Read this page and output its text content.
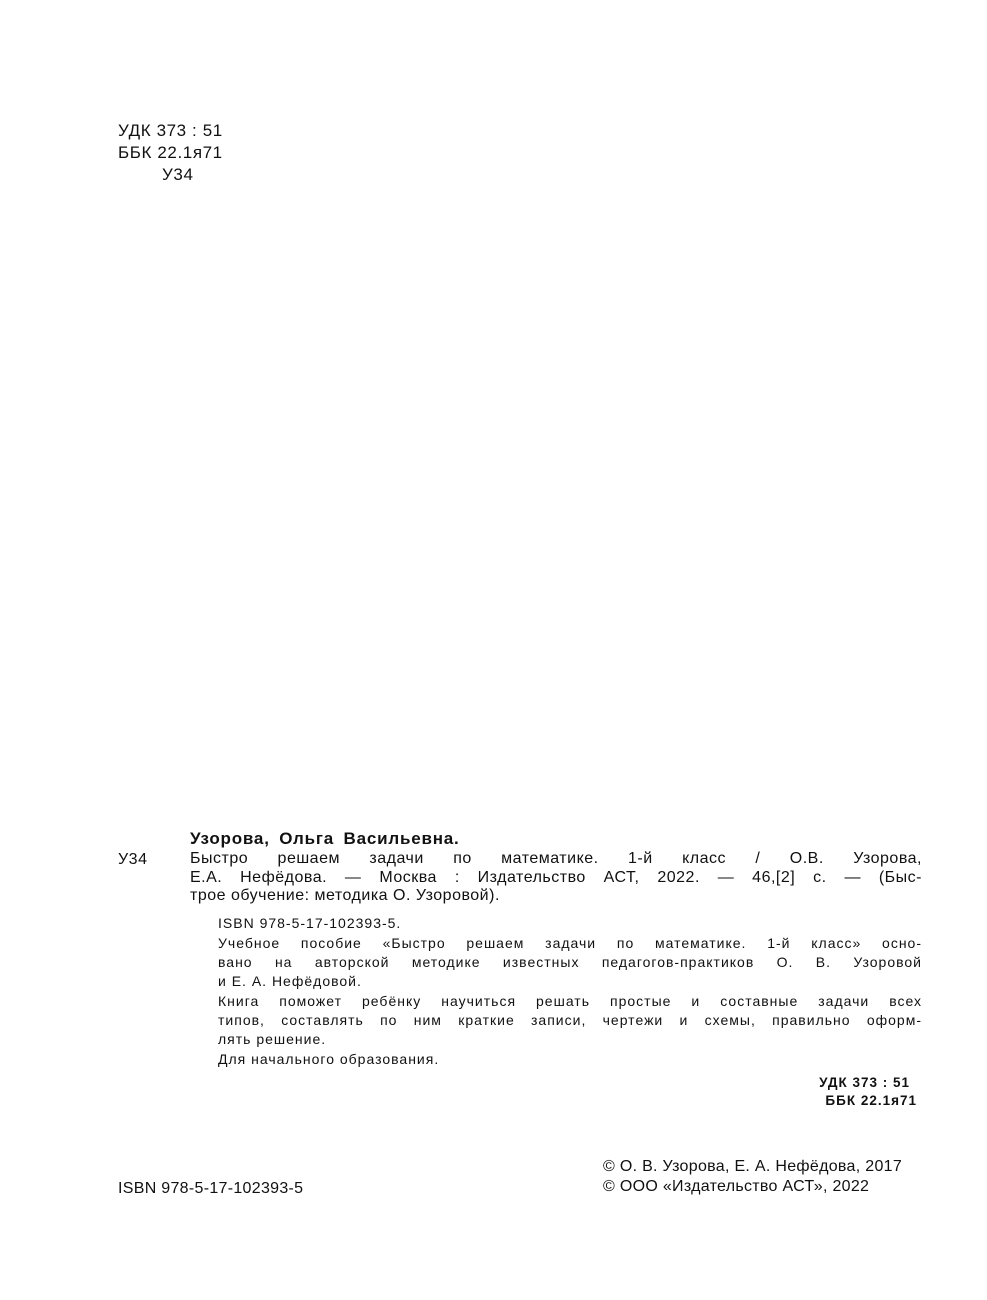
УДК 373 : 51
ББК 22.1я71
У34
Узорова, Ольга Васильевна.
У34	Быстро решаем задачи по математике. 1-й класс / О.В. Узорова,
Е.А. Нефёдова. — Москва : Издательство АСТ, 2022. — 46,[2] с. — (Быс-
трое обучение: методика О. Узоровой).
ISBN 978-5-17-102393-5.
Учебное пособие «Быстро решаем задачи по математике. 1-й класс» осно-
вано на авторской методике известных педагогов-практиков О. В. Узоровой
и Е. А. Нефёдовой.
Книга поможет ребёнку научиться решать простые и составные задачи всех
типов, составлять по ним краткие записи, чертежи и схемы, правильно оформ-
лять решение.
Для начального образования.
УДК 373 : 51
ББК 22.1я71
ISBN 978-5-17-102393-5
© О. В. Узорова, Е. А. Нефёдова, 2017
© ООО «Издательство АСТ», 2022
